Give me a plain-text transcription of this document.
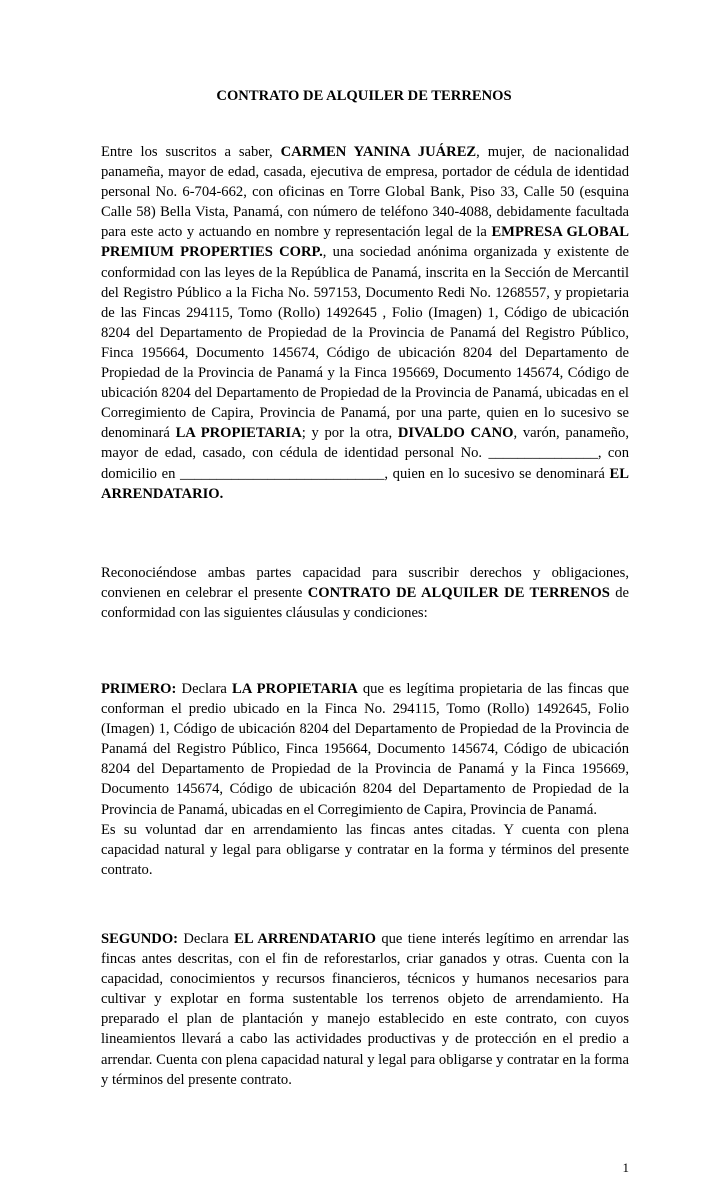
CONTRATO DE ALQUILER DE TERRENOS

Entre los suscritos a saber, CARMEN YANINA JUÁREZ, mujer, de nacionalidad panameña, mayor de edad, casada, ejecutiva de empresa, portador de cédula de identidad personal No. 6-704-662, con oficinas en Torre Global Bank, Piso 33, Calle 50 (esquina Calle 58) Bella Vista, Panamá, con número de teléfono 340-4088, debidamente facultada para este acto y actuando en nombre y representación legal de la EMPRESA GLOBAL PREMIUM PROPERTIES CORP., una sociedad anónima organizada y existente de conformidad con las leyes de la República de Panamá, inscrita en la Sección de Mercantil del Registro Público a la Ficha No. 597153, Documento Redi No. 1268557, y propietaria de las Fincas 294115, Tomo (Rollo) 1492645 , Folio (Imagen) 1, Código de ubicación 8204 del Departamento de Propiedad de la Provincia de Panamá del Registro Público, Finca 195664, Documento 145674, Código de ubicación 8204 del Departamento de Propiedad de la Provincia de Panamá y la Finca 195669, Documento 145674, Código de ubicación 8204 del Departamento de Propiedad de la Provincia de Panamá, ubicadas en el Corregimiento de Capira, Provincia de Panamá, por una parte, quien en lo sucesivo se denominará LA PROPIETARIA; y por la otra, DIVALDO CANO, varón, panameño, mayor de edad, casado, con cédula de identidad personal No. _______________, con domicilio en ____________________________, quien en lo sucesivo se denominará EL ARRENDATARIO.

Reconociéndose ambas partes capacidad para suscribir derechos y obligaciones, convienen en celebrar el presente CONTRATO DE ALQUILER DE TERRENOS de conformidad con las siguientes cláusulas y condiciones:

PRIMERO: Declara LA PROPIETARIA que es legítima propietaria de las fincas que conforman el predio ubicado en la Finca No. 294115, Tomo (Rollo) 1492645, Folio (Imagen) 1, Código de ubicación 8204 del Departamento de Propiedad de la Provincia de Panamá del Registro Público, Finca 195664, Documento 145674, Código de ubicación 8204 del Departamento de Propiedad de la Provincia de Panamá y la Finca 195669, Documento 145674, Código de ubicación 8204 del Departamento de Propiedad de la Provincia de Panamá, ubicadas en el Corregimiento de Capira, Provincia de Panamá.

Es su voluntad dar en arrendamiento las fincas antes citadas. Y cuenta con plena capacidad natural y legal para obligarse y contratar en la forma y términos del presente contrato.

SEGUNDO: Declara EL ARRENDATARIO que tiene interés legítimo en arrendar las fincas antes descritas, con el fin de reforestarlos, criar ganados y otras. Cuenta con la capacidad, conocimientos y recursos financieros, técnicos y humanos necesarios para cultivar y explotar en forma sustentable los terrenos objeto de arrendamiento. Ha preparado el plan de plantación y manejo establecido en este contrato, con cuyos lineamientos llevará a cabo las actividades productivas y de protección en el predio a arrendar. Cuenta con plena capacidad natural y legal para obligarse y contratar en la forma y términos del presente contrato.

1
